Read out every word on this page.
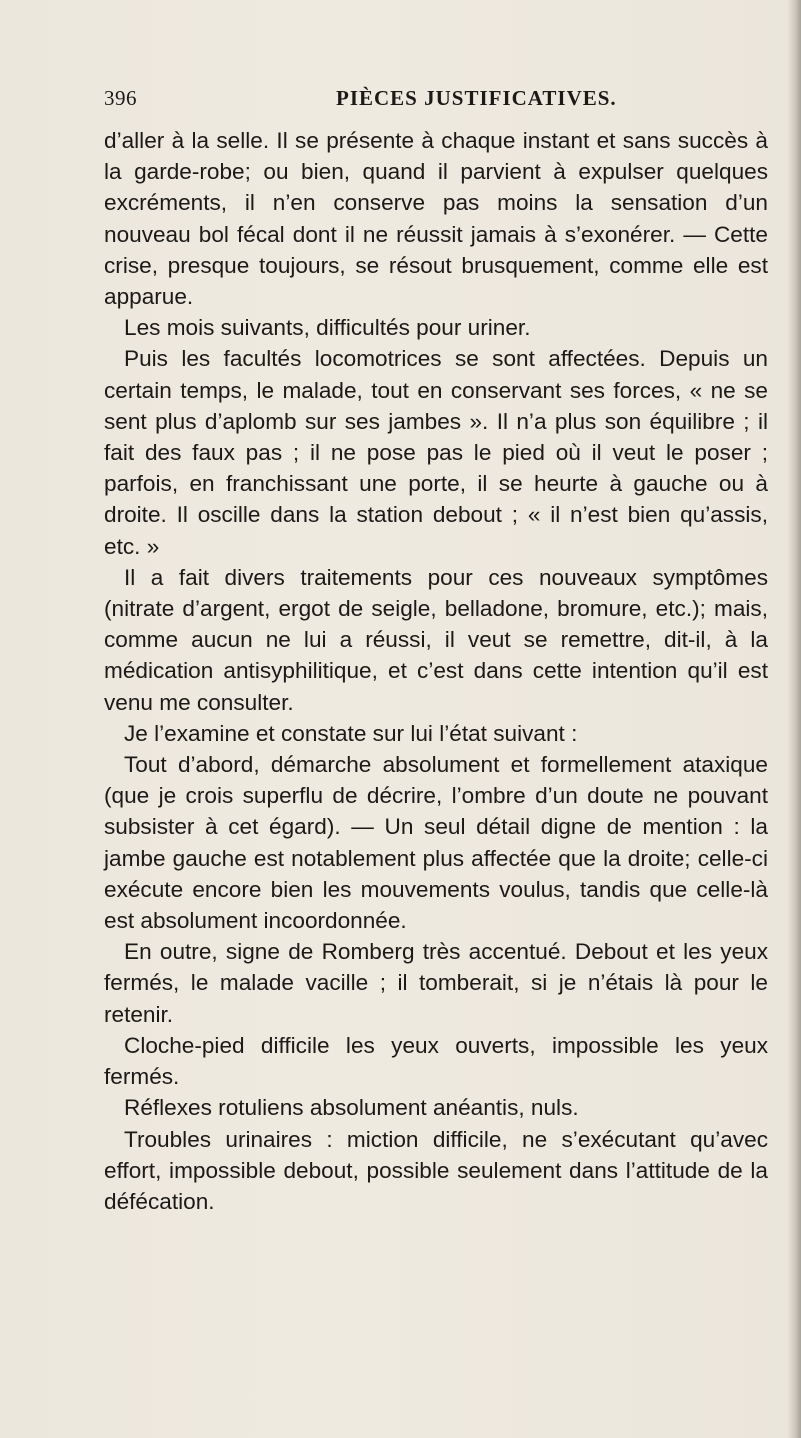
396	PIÈCES JUSTIFICATIVES.

d’aller à la selle. Il se présente à chaque instant et sans succès à la garde-robe; ou bien, quand il parvient à expulser quelques excréments, il n’en conserve pas moins la sensation d’un nouveau bol fécal dont il ne réussit jamais à s’exonérer. — Cette crise, presque toujours, se résout brusquement, comme elle est apparue.

Les mois suivants, difficultés pour uriner.

Puis les facultés locomotrices se sont affectées. Depuis un certain temps, le malade, tout en conservant ses forces, « ne se sent plus d’aplomb sur ses jambes ». Il n’a plus son équilibre ; il fait des faux pas ; il ne pose pas le pied où il veut le poser ; parfois, en franchissant une porte, il se heurte à gauche ou à droite. Il oscille dans la station debout ; « il n’est bien qu’assis, etc. »

Il a fait divers traitements pour ces nouveaux symptômes (nitrate d’argent, ergot de seigle, belladone, bromure, etc.); mais, comme aucun ne lui a réussi, il veut se remettre, dit-il, à la médication antisyphilitique, et c’est dans cette intention qu’il est venu me consulter.

Je l’examine et constate sur lui l’état suivant :

Tout d’abord, démarche absolument et formellement ataxique (que je crois superflu de décrire, l’ombre d’un doute ne pouvant subsister à cet égard). — Un seul détail digne de mention : la jambe gauche est notablement plus affectée que la droite; celle-ci exécute encore bien les mouvements voulus, tandis que celle-là est absolument incoordonnée.

En outre, signe de Romberg très accentué. Debout et les yeux fermés, le malade vacille ; il tomberait, si je n’étais là pour le retenir.

Cloche-pied difficile les yeux ouverts, impossible les yeux fermés.

Réflexes rotuliens absolument anéantis, nuls.

Troubles urinaires : miction difficile, ne s’exécutant qu’avec effort, impossible debout, possible seulement dans l’attitude de la défécation.
